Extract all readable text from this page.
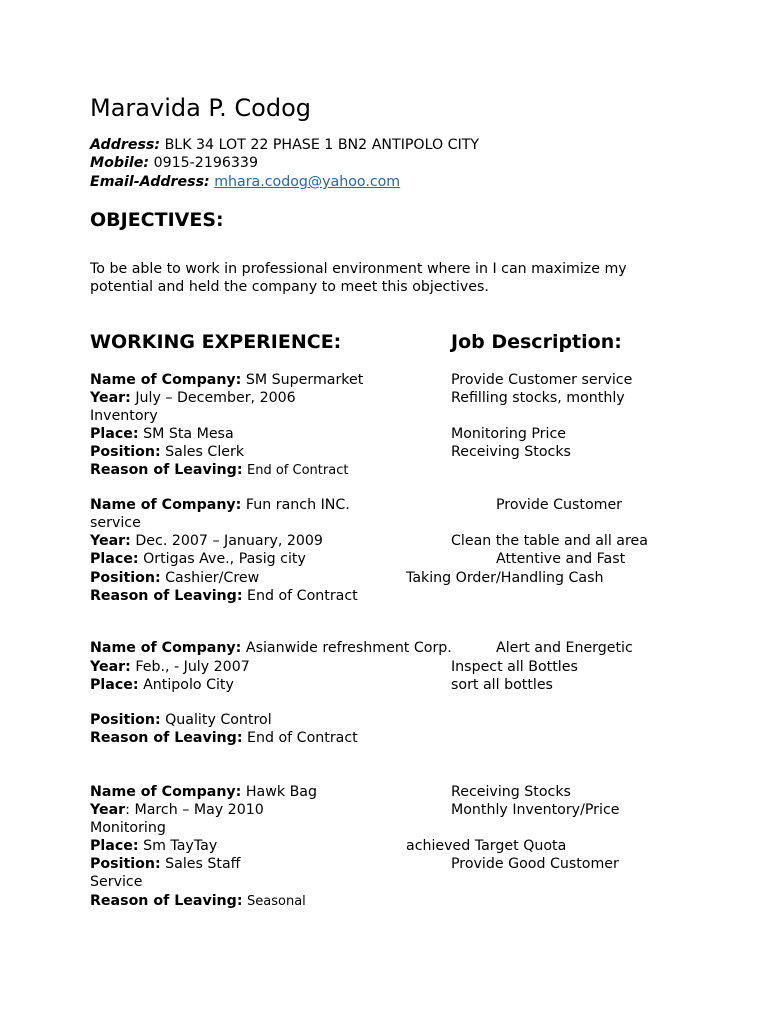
Maravida P. Codog
Address: BLK 34 LOT 22 PHASE 1 BN2 ANTIPOLO CITY
Mobile: 0915-2196339
Email-Address: mhara.codog@yahoo.com
OBJECTIVES:
To be able to work in professional environment where in I can maximize my
potential and held the company to meet this objectives.
WORKING EXPERIENCE:	Job Description:
Name of Company: SM Supermarket	Provide Customer service
Year: July – December, 2006	Refilling stocks, monthly
Inventory
Place: SM Sta Mesa	Monitoring Price
Position: Sales Clerk	Receiving Stocks
Reason of Leaving: End of Contract
Name of Company: Fun ranch INC.	Provide Customer
service
Year: Dec. 2007 – January, 2009	Clean the table and all area
Place: Ortigas Ave., Pasig city	Attentive and Fast
Position: Cashier/Crew	Taking Order/Handling Cash
Reason of Leaving: End of Contract
Name of Company: Asianwide refreshment Corp.	Alert and Energetic
Year: Feb., - July 2007	Inspect all Bottles
Place: Antipolo City	sort all bottles
Position: Quality Control
Reason of Leaving: End of Contract
Name of Company: Hawk Bag	Receiving Stocks
Year: March – May 2010	Monthly Inventory/Price
Monitoring
Place: Sm TayTay	achieved Target Quota
Position: Sales Staff	Provide Good Customer
Service
Reason of Leaving: Seasonal
